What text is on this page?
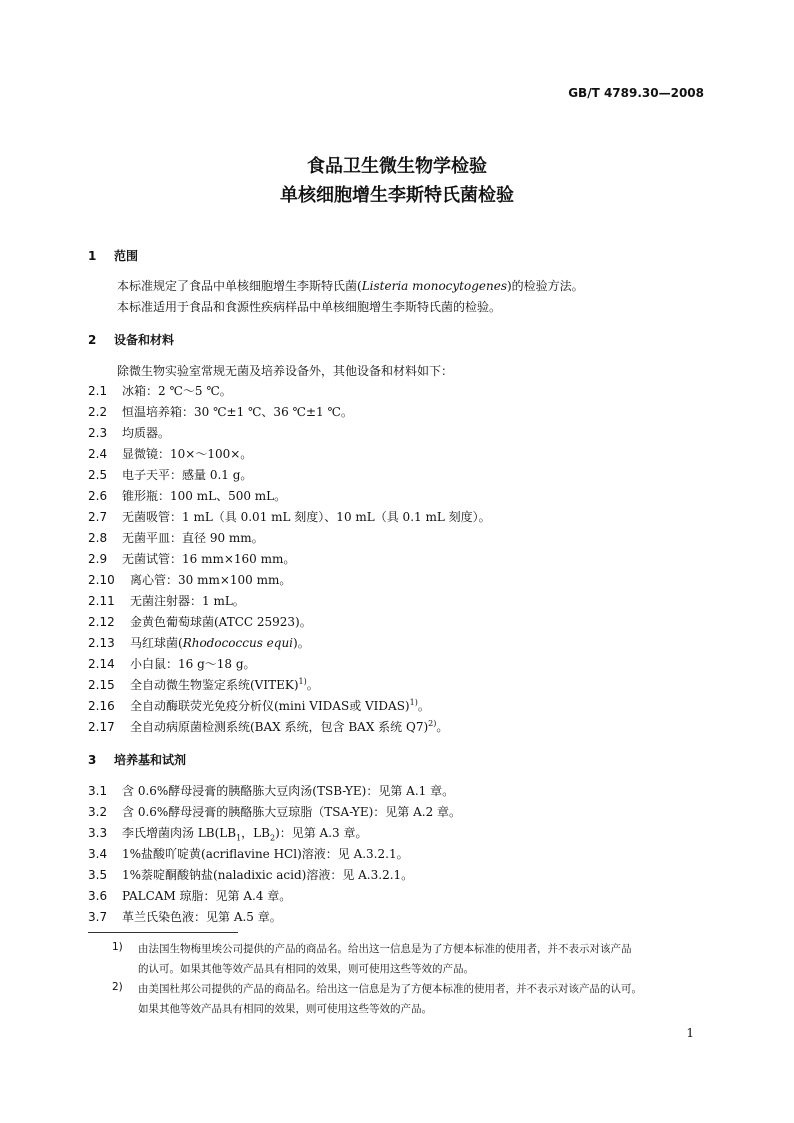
GB/T 4789.30—2008
食品卫生微生物学检验
单核细胞增生李斯特氏菌检验
1 范围
本标准规定了食品中单核细胞增生李斯特氏菌(Listeria monocytogenes)的检验方法。
本标准适用于食品和食源性疾病样品中单核细胞增生李斯特氏菌的检验。
2 设备和材料
除微生物实验室常规无菌及培养设备外，其他设备和材料如下：
2.1 冰箱：2 ℃～5 ℃。
2.2 恒温培养箱：30 ℃±1 ℃、36 ℃±1 ℃。
2.3 均质器。
2.4 显微镜：10×～100×。
2.5 电子天平：感量 0.1 g。
2.6 锥形瓶：100 mL、500 mL。
2.7 无菌吸管：1 mL（具 0.01 mL 刻度）、10 mL（具 0.1 mL 刻度）。
2.8 无菌平皿：直径 90 mm。
2.9 无菌试管：16 mm×160 mm。
2.10 离心管：30 mm×100 mm。
2.11 无菌注射器：1 mL。
2.12 金黄色葡萄球菌(ATCC 25923)。
2.13 马红球菌(Rhodococcus equi)。
2.14 小白鼠：16 g～18 g。
2.15 全自动微生物鉴定系统(VITEK)$^{1)}$。
2.16 全自动酶联荧光免疫分析仪(mini VIDAS或 VIDAS)$^{1)}$。
2.17 全自动病原菌检测系统(BAX 系统，包含 BAX 系统 Q7)$^{2)}$。
3 培养基和试剂
3.1 含 0.6%酵母浸膏的胰酪胨大豆肉汤(TSB-YE)：见第 A.1 章。
3.2 含 0.6%酵母浸膏的胰酪胨大豆琼脂（TSA-YE)：见第 A.2 章。
3.3 李氏增菌肉汤 $LB(LB_1$，$LB_2$)：见第 A.3 章。
3.4 1%盐酸吖啶黄(acriflavine HCl)溶液：见 A.3.2.1。
3.5 1%萘啶酮酸钠盐(naladixic acid)溶液：见 A.3.2.1。
3.6 PALCAM 琼脂：见第 A.4 章。
3.7 革兰氏染色液：见第 A.5 章。
1) 由法国生物梅里埃公司提供的产品的商品名。给出这一信息是为了方便本标准的使用者，并不表示对该产品
的认可。如果其他等效产品具有相同的效果，则可使用这些等效的产品。
2) 由美国杜邦公司提供的产品的商品名。给出这一信息是为了方便本标准的使用者，并不表示对该产品的认可。
如果其他等效产品具有相同的效果，则可使用这些等效的产品。
1
